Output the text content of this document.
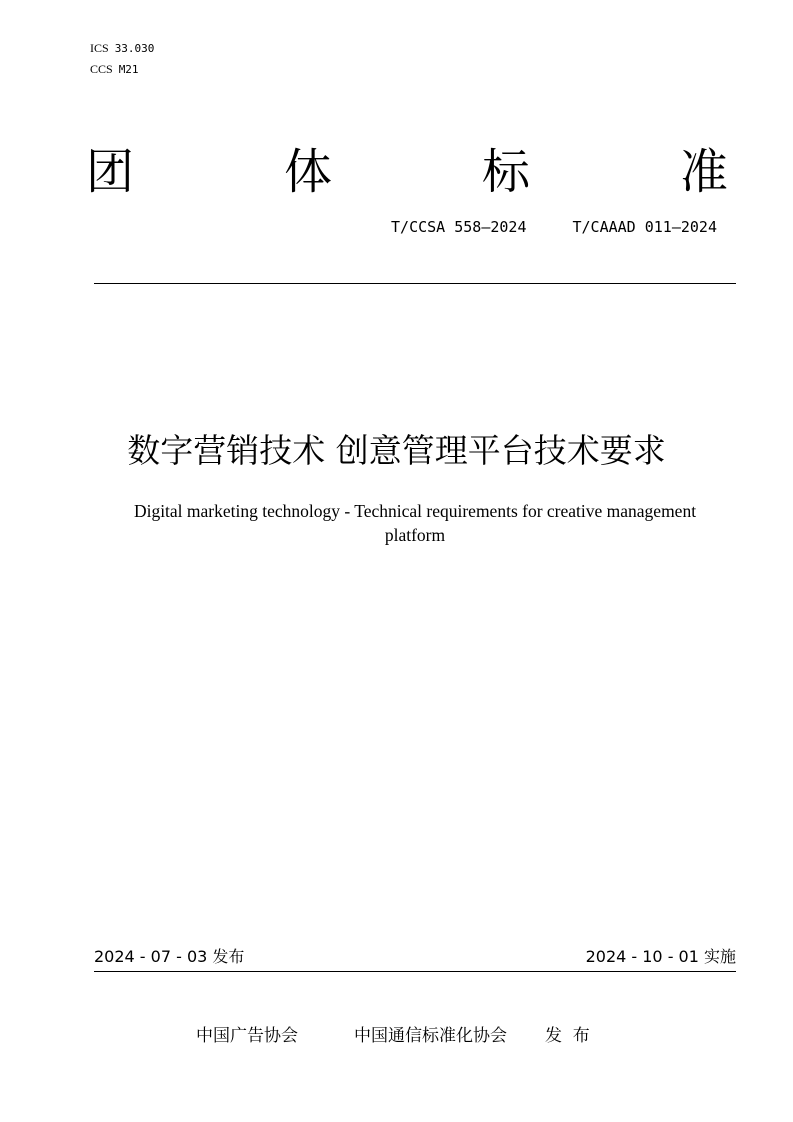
ICS 33.030
CCS M21
团	体	标	准
T/CCSA 558—2024	T/CAAAD 011—2024
数字营销技术 创意管理平台技术要求
Digital marketing technology - Technical requirements for creative management platform
2024 - 07 - 03 发布	2024 - 10 - 01 实施
中国广告协会	中国通信标准化协会 发  布
